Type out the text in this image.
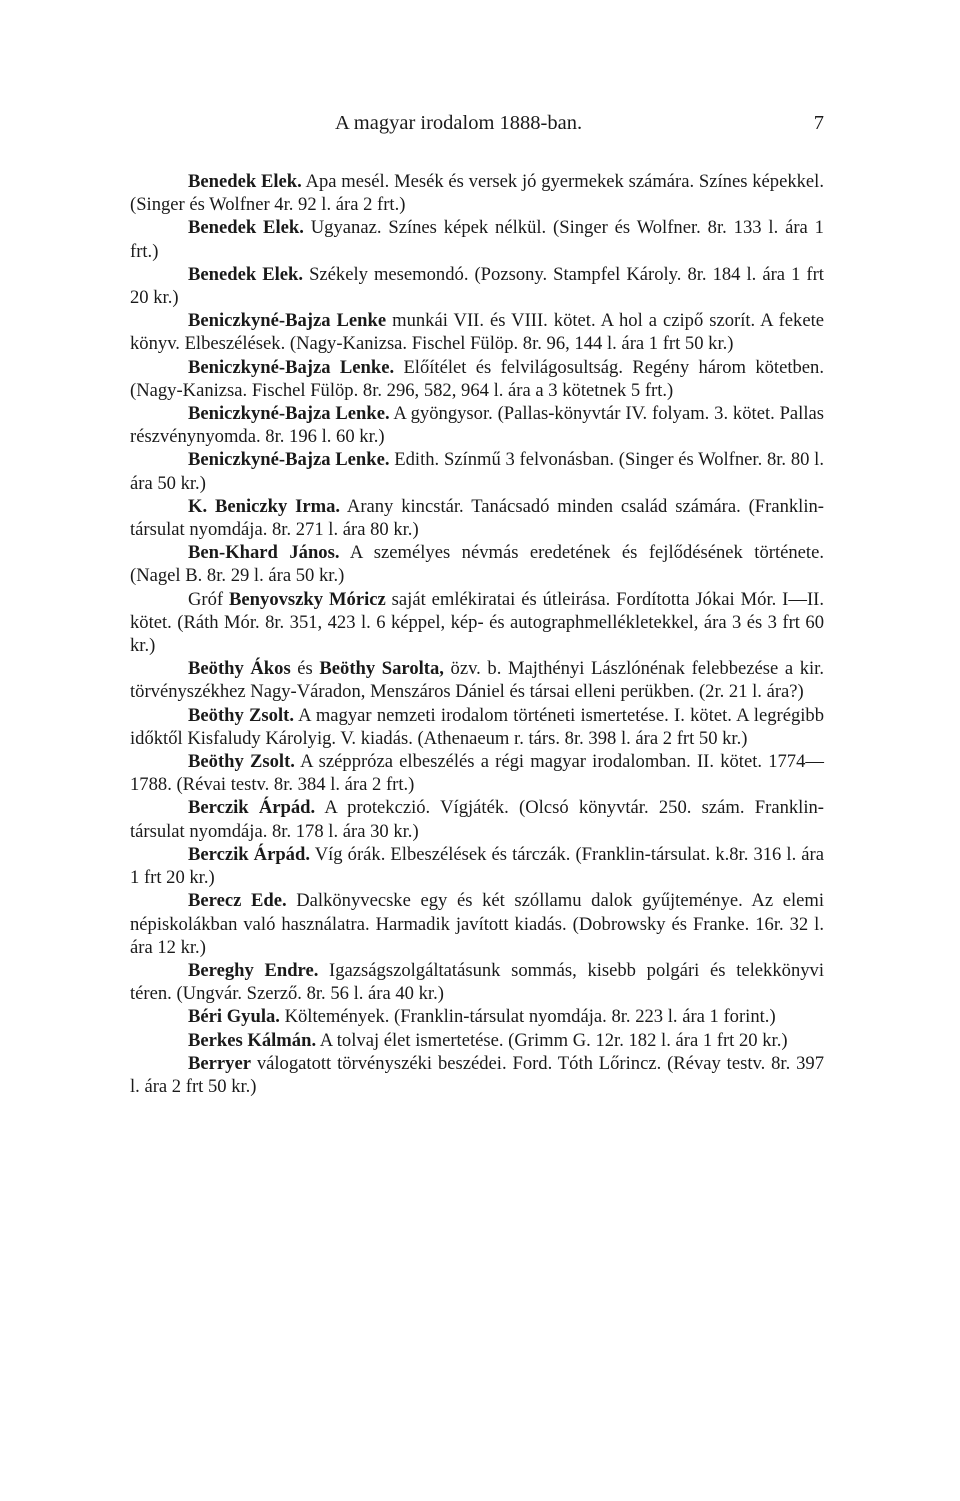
A magyar irodalom 1888-ban.	7

Benedek Elek. Apa mesél. Mesék és versek jó gyermekek számára. Színes képekkel. (Singer és Wolfner 4r. 92 l. ára 2 frt.)

Benedek Elek. Ugyanaz. Színes képek nélkül. (Singer és Wolfner. 8r. 133 l. ára 1 frt.)

Benedek Elek. Székely mesemondó. (Pozsony. Stampfel Károly. 8r. 184 l. ára 1 frt 20 kr.)

Beniczkyné-Bajza Lenke munkái VII. és VIII. kötet. A hol a czipő szorít. A fekete könyv. Elbeszélések. (Nagy-Kanizsa. Fischel Fülöp. 8r. 96, 144 l. ára 1 frt 50 kr.)

Beniczkyné-Bajza Lenke. Előítélet és felvilágosultság. Regény három kötetben. (Nagy-Kanizsa. Fischel Fülöp. 8r. 296, 582, 964 l. ára a 3 kötetnek 5 frt.)

Beniczkyné-Bajza Lenke. A gyöngysor. (Pallas-könyvtár IV. folyam. 3. kötet. Pallas részvénynyomda. 8r. 196 l. 60 kr.)

Beniczkyné-Bajza Lenke. Edith. Színmű 3 felvonásban. (Singer és Wolfner. 8r. 80 l. ára 50 kr.)

K. Beniczky Irma. Arany kincstár. Tanácsadó minden család számára. (Franklin-társulat nyomdája. 8r. 271 l. ára 80 kr.)

Ben-Khard János. A személyes névmás eredetének és fejlődésének története. (Nagel B. 8r. 29 l. ára 50 kr.)

Gróf Benyovszky Móricz saját emlékiratai és útleirása. Fordította Jókai Mór. I—II. kötet. (Ráth Mór. 8r. 351, 423 l. 6 képpel, kép- és autographmellékletekkel, ára 3 és 3 frt 60 kr.)

Beöthy Ákos és Beöthy Sarolta, özv. b. Majthényi Lászlónénak felebbezése a kir. törvényszékhez Nagy-Váradon, Menszáros Dániel és társai elleni perükben. (2r. 21 l. ára?)

Beöthy Zsolt. A magyar nemzeti irodalom történeti ismertetése. I. kötet. A legrégibb időktől Kisfaludy Károlyig. V. kiadás. (Athenaeum r. társ. 8r. 398 l. ára 2 frt 50 kr.)

Beöthy Zsolt. A széppróza elbeszélés a régi magyar irodalomban. II. kötet. 1774—1788. (Révai testv. 8r. 384 l. ára 2 frt.)

Berczik Árpád. A protekczió. Vígjáték. (Olcsó könyvtár. 250. szám. Franklin-társulat nyomdája. 8r. 178 l. ára 30 kr.)

Berczik Árpád. Víg órák. Elbeszélések és tárczák. (Franklin-társulat. k.8r. 316 l. ára 1 frt 20 kr.)

Berecz Ede. Dalkönyvecske egy és két szóllamu dalok gyűjteménye. Az elemi népiskolákban való használatra. Harmadik javított kiadás. (Dobrowsky és Franke. 16r. 32 l. ára 12 kr.)

Bereghy Endre. Igazságszolgáltatásunk sommás, kisebb polgári és telekkönyvi téren. (Ungvár. Szerző. 8r. 56 l. ára 40 kr.)

Béri Gyula. Költemények. (Franklin-társulat nyomdája. 8r. 223 l. ára 1 forint.)

Berkes Kálmán. A tolvaj élet ismertetése. (Grimm G. 12r. 182 l. ára 1 frt 20 kr.)

Berryer válogatott törvényszéki beszédei. Ford. Tóth Lőrincz. (Révay testv. 8r. 397 l. ára 2 frt 50 kr.)
